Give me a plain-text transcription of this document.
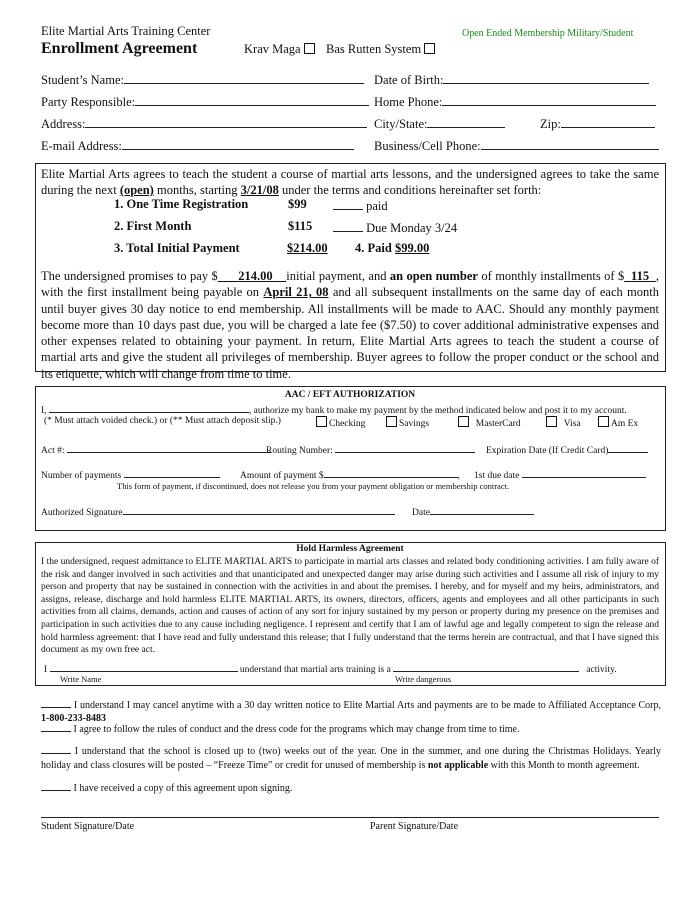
Elite Martial Arts Training Center
Enrollment Agreement	Krav Maga	Bas Rutten System
Open Ended Membership Military/Student
Student’s Name:	Date of Birth:
Party Responsible:	Home Phone:
Address:	City/State:	Zip:
E-mail Address:	Business/Cell Phone:
Elite Martial Arts agrees to teach the student a course of martial arts lessons, and the undersigned agrees to take the same during the next (open) months, starting 3/21/08 under the terms and conditions hereinafter set forth:
1. One Time Registration	$99	paid
2. First Month	$115	Due Monday 3/24
3. Total Initial Payment	$214.00 4. Paid $99.00
The undersigned promises to pay $ 214.00 initial payment, and an open number of monthly installments of $ 115 , with the first installment being payable on April 21, 08 and all subsequent installments on the same day of each month until buyer gives 30 day notice to end membership. All installments will be made to AAC. Should any monthly payment become more than 10 days past due, you will be charged a late fee ($7.50) to cover additional administrative expenses and other expenses related to obtaining your payment. In return, Elite Martial Arts agrees to teach the student a course of martial arts and give the student all privileges of membership. Buyer agrees to follow the proper conduct or the school and its etiquette, which will change from time to time.
AAC / EFT AUTHORIZATION
I,	, authorize my bank to make my payment by the method indicated below and post it to my account.
(* Must attach voided check.) or (** Must attach deposit slip.)	Checking	Savings	MasterCard	Visa	Am Ex
Act #:	Routing Number:	Expiration Date (If Credit Card)
Number of payments	Amount of payment $	, 1st due date
This form of payment, if discontinued, does not release you from your payment obligation or membership contract.
Authorized Signature	Date
Hold Harmless Agreement
I the undersigned, request admittance to ELITE MARTIAL ARTS to participate in martial arts classes and related body conditioning activities. I am fully aware of the risk and danger involved in such activities and that unanticipated and unexpected danger may arise during such activities and I assume all risk of injury to my person and property that nay be sustained in connection with the activities in and about the premises. I hereby, and for myself and my heirs, administrators, and assigns, release, discharge and hold harmless ELITE MARTIAL ARTS, its owners, directors, officers, agents and employees and all other participants in such activities from all claims, demands, action and causes of action of any sort for injury sustained by my person or property during my presence on the premises and participation in such activities due to any cause including negligence. I represent and certify that I am of lawful age and legally competent to sign the release and hold harmless agreement: that I have read and fully understand this release; that I fully understand that the terms herein are contractual, and that I have signed this document as my own free act.
I	understand that martial arts training is a	activity.
Write Name	Write dangerous
I understand I may cancel anytime with a 30 day written notice to Elite Martial Arts and payments are to be made to Affiliated Acceptance Corp, 1-800-233-8483
I agree to follow the rules of conduct and the dress code for the programs which may change from time to time.
I understand that the school is closed up to (two) weeks out of the year. One in the summer, and one during the Christmas Holidays. Yearly holiday and class closures will be posted – “Freeze Time” or credit for unused of membership is not applicable with this Month to month agreement.
I have received a copy of this agreement upon signing.
Student Signature/Date	Parent Signature/Date
